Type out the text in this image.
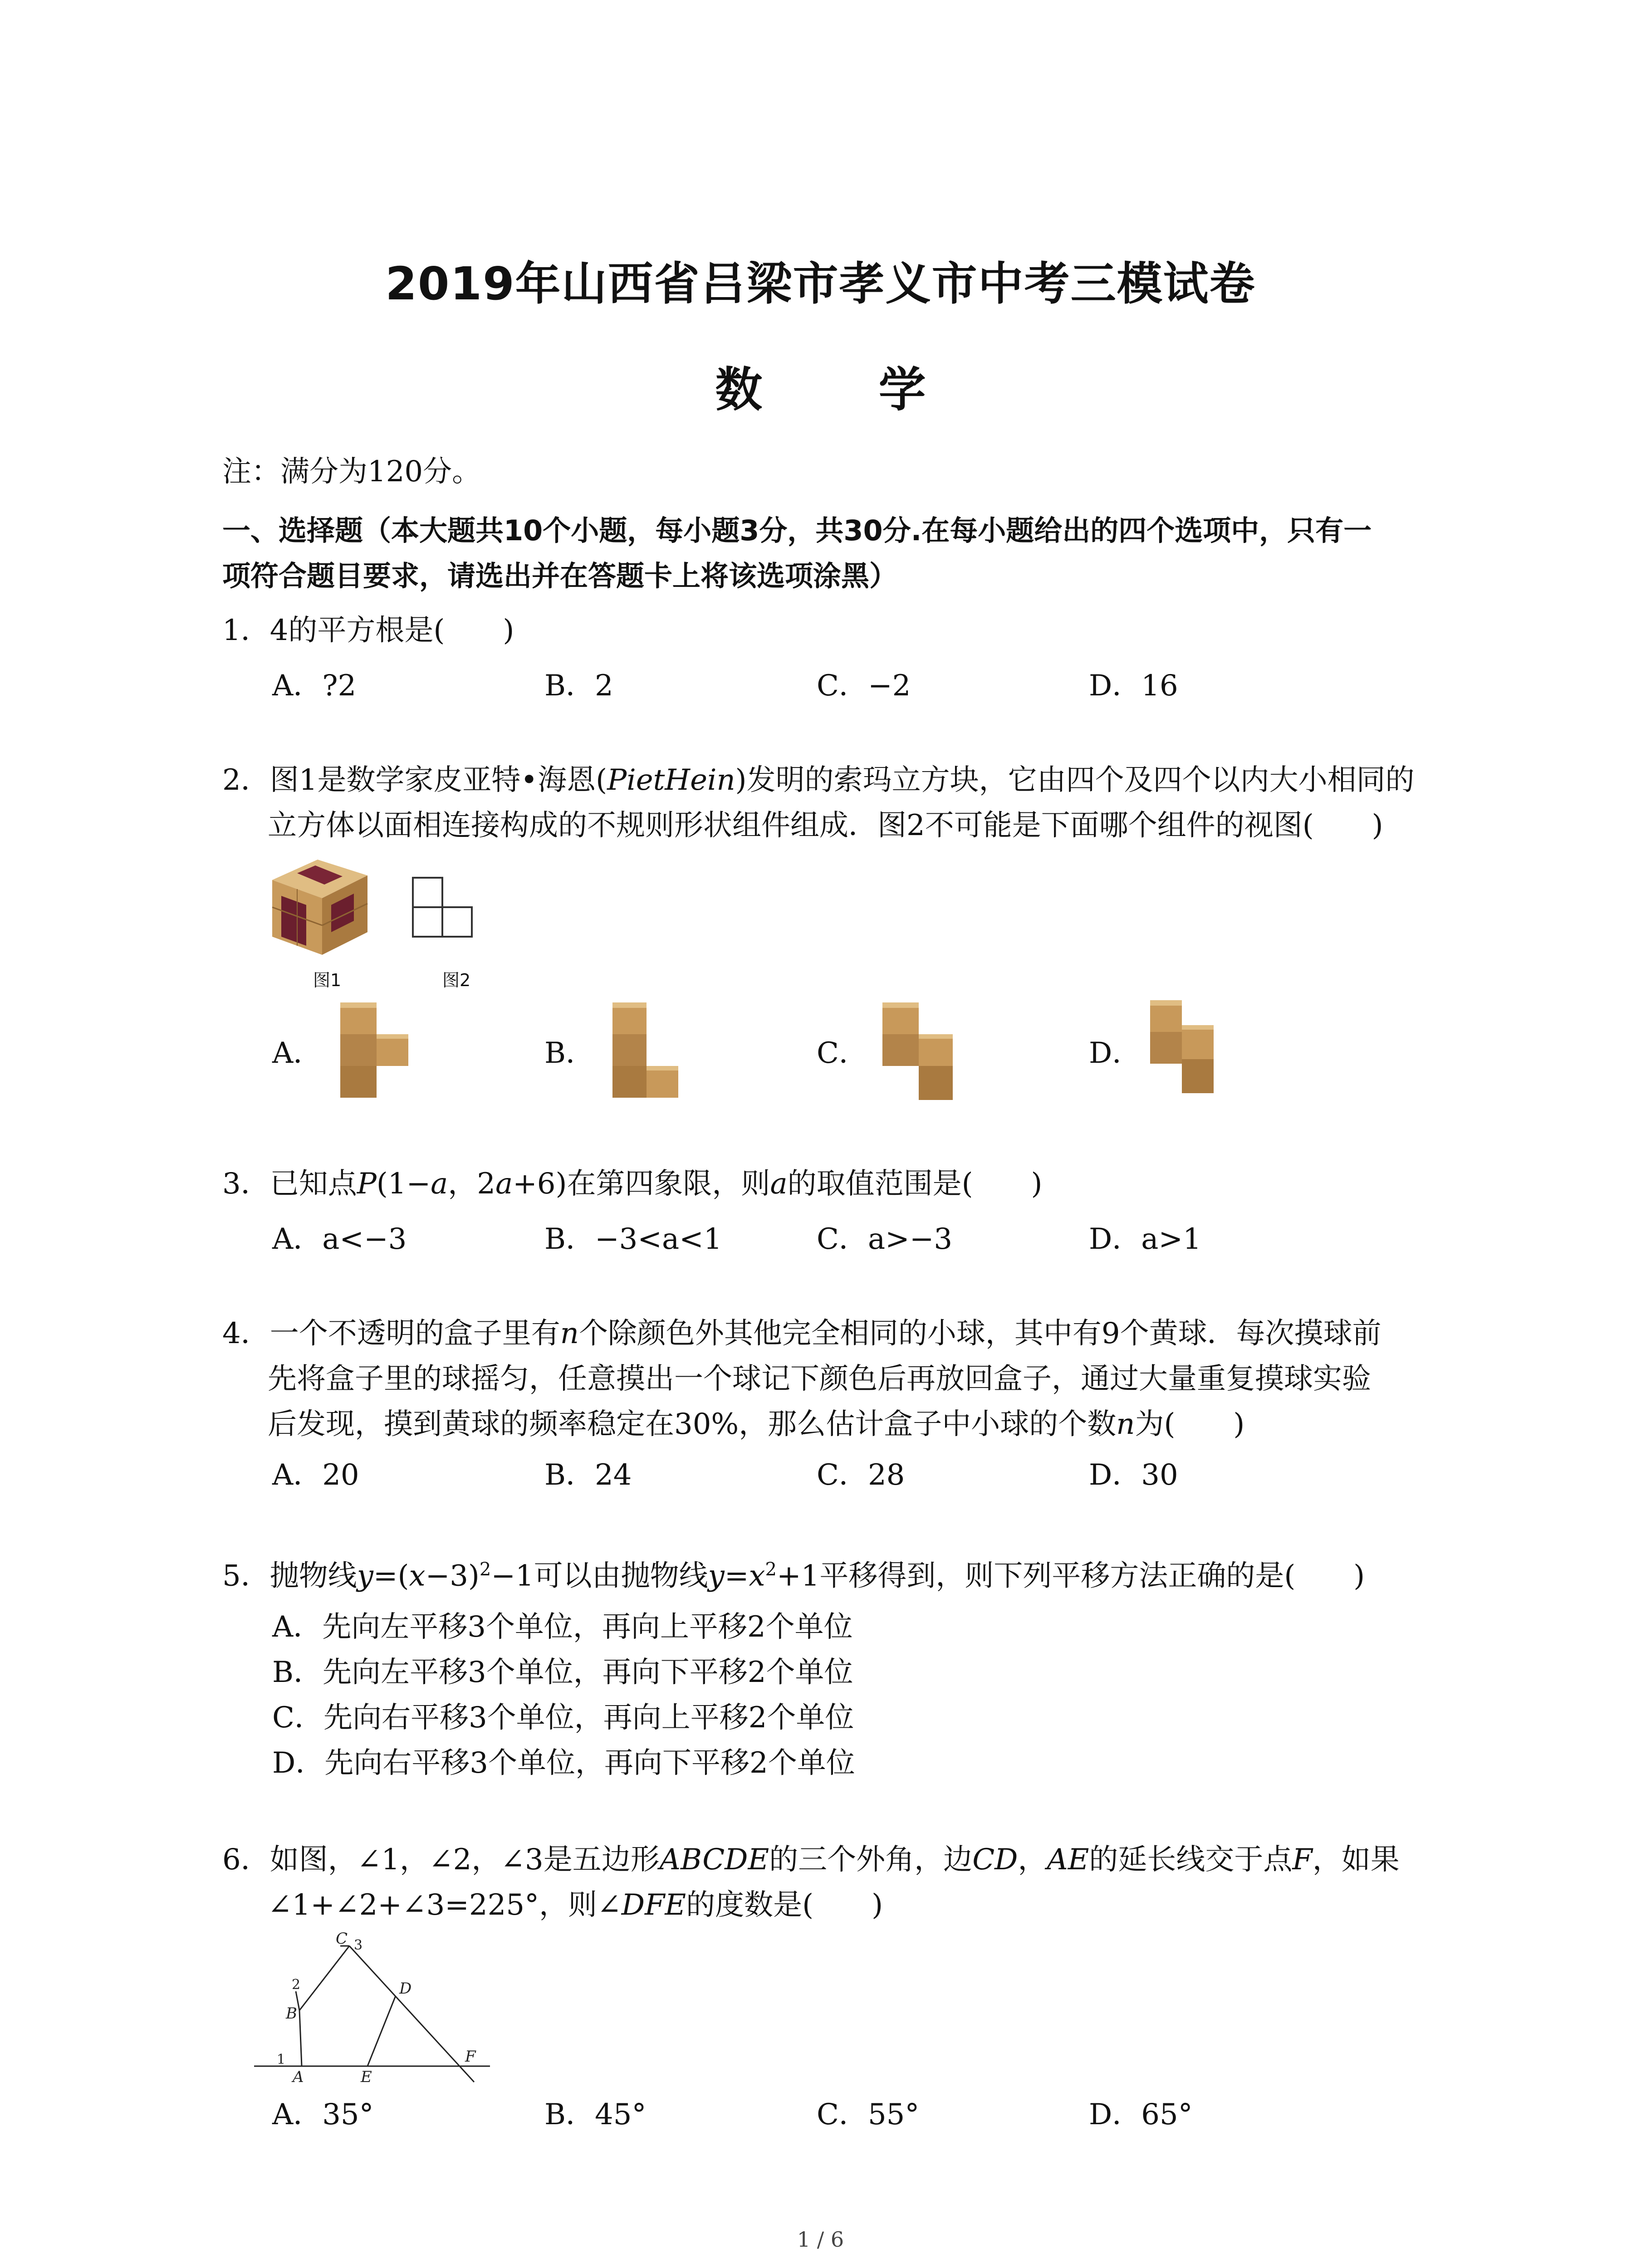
2019年山西省吕梁市孝义市中考三模试卷
数 学
注：满分为120分。
一、选择题（本大题共10个小题，每小题3分，共30分.在每小题给出的四个选项中，只有一
项符合题目要求，请选出并在答题卡上将该选项涂黑）
1．4的平方根是(　　)
A．?2	B．2	C．−2	D．16
2．图1是数学家皮亚特•海恩(PietHein)发明的索玛立方块，它由四个及四个以内大小相同的
立方体以面相连接构成的不规则形状组件组成．图2不可能是下面哪个组件的视图(　　)
图1	图2
A．	B．	C．	D．
3．已知点P(1−a，2a+6)在第四象限，则a的取值范围是(　　)
A．a<−3	B．−3<a<1	C．a>−3	D．a>1
4．一个不透明的盒子里有n个除颜色外其他完全相同的小球，其中有9个黄球．每次摸球前
先将盒子里的球摇匀，任意摸出一个球记下颜色后再放回盒子，通过大量重复摸球实验
后发现，摸到黄球的频率稳定在30%，那么估计盒子中小球的个数n为(　　)
A．20	B．24	C．28	D．30
5．抛物线$y=(x-3)^2-1$可以由抛物线$y=x^2+1$平移得到，则下列平移方法正确的是(　　)
A．先向左平移3个单位，再向上平移2个单位
B．先向左平移3个单位，再向下平移2个单位
C．先向右平移3个单位，再向上平移2个单位
D．先向右平移3个单位，再向下平移2个单位
6．如图，∠1，∠2，∠3是五边形ABCDE的三个外角，边CD，AE的延长线交于点F，如果
∠1+∠2+∠3=225°，则∠DFE的度数是(　　)
C
D
B
A	E
F
1
2
3
A．35°	B．45°	C．55°	D．65°
1 / 6
